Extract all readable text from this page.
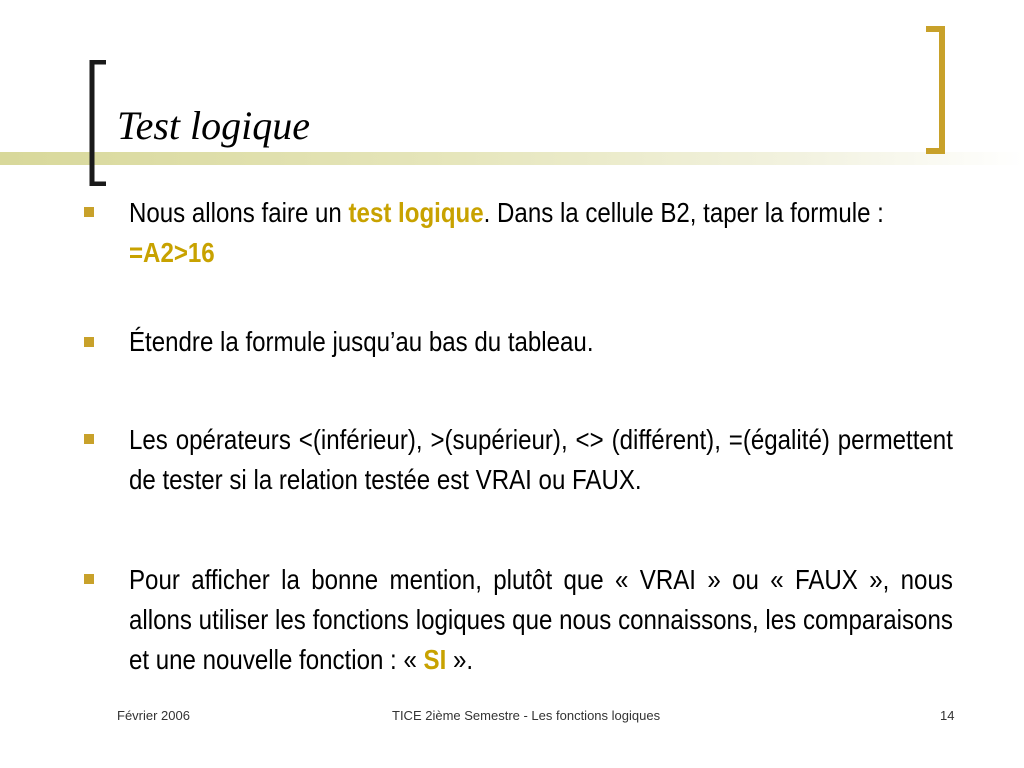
Test logique
Nous allons faire un test logique. Dans la cellule B2, taper la formule : =A2>16
Étendre la formule jusqu’au bas du tableau.
Les opérateurs <(inférieur), >(supérieur), <> (différent), =(égalité) permettent de tester si la relation testée est VRAI ou FAUX.
Pour afficher la bonne mention, plutôt que « VRAI » ou « FAUX », nous allons utiliser les fonctions logiques que nous connaissons, les comparaisons et une nouvelle fonction : « SI ».
Février 2006	TICE 2ième Semestre - Les fonctions logiques	14
